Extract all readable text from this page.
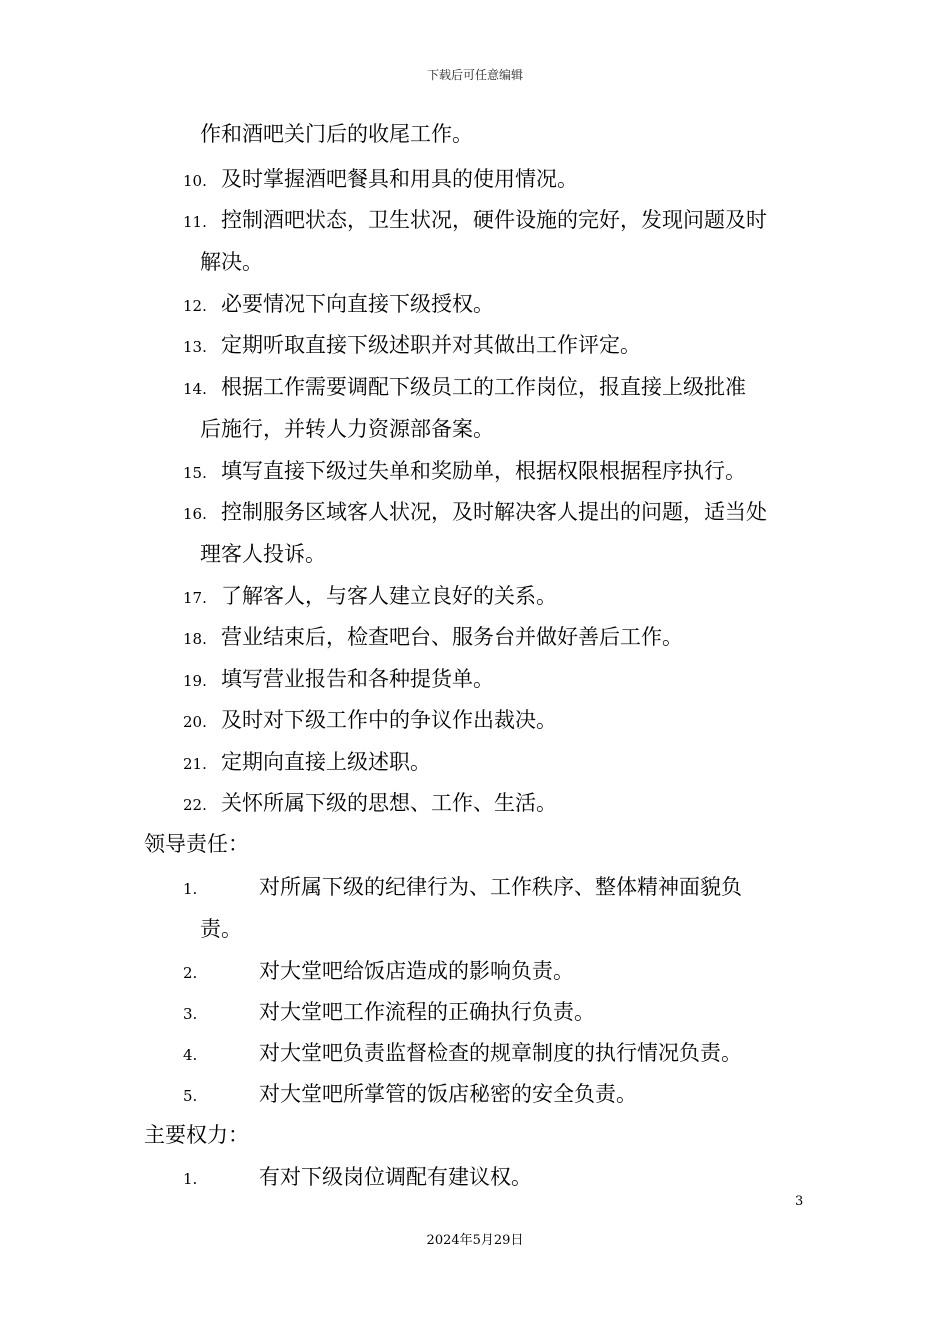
下载后可任意编辑
作和酒吧关门后的收尾工作。
10. 及时掌握酒吧餐具和用具的使用情况。
11. 控制酒吧状态，卫生状况，硬件设施的完好，发现问题及时
解决。
12. 必要情况下向直接下级授权。
13. 定期听取直接下级述职并对其做出工作评定。
14. 根据工作需要调配下级员工的工作岗位，报直接上级批准
后施行，并转人力资源部备案。
15. 填写直接下级过失单和奖励单，根据权限根据程序执行。
16. 控制服务区域客人状况，及时解决客人提出的问题，适当处
理客人投诉。
17. 了解客人，与客人建立良好的关系。
18. 营业结束后，检查吧台、服务台并做好善后工作。
19. 填写营业报告和各种提货单。
20. 及时对下级工作中的争议作出裁决。
21. 定期向直接上级述职。
22. 关怀所属下级的思想、工作、生活。
领导责任：
1.	对所属下级的纪律行为、工作秩序、整体精神面貌负
责。
2.	对大堂吧给饭店造成的影响负责。
3.	对大堂吧工作流程的正确执行负责。
4.	对大堂吧负责监督检查的规章制度的执行情况负责。
5.	对大堂吧所掌管的饭店秘密的安全负责。
主要权力：
1.	有对下级岗位调配有建议权。
3
2024年5月29日
